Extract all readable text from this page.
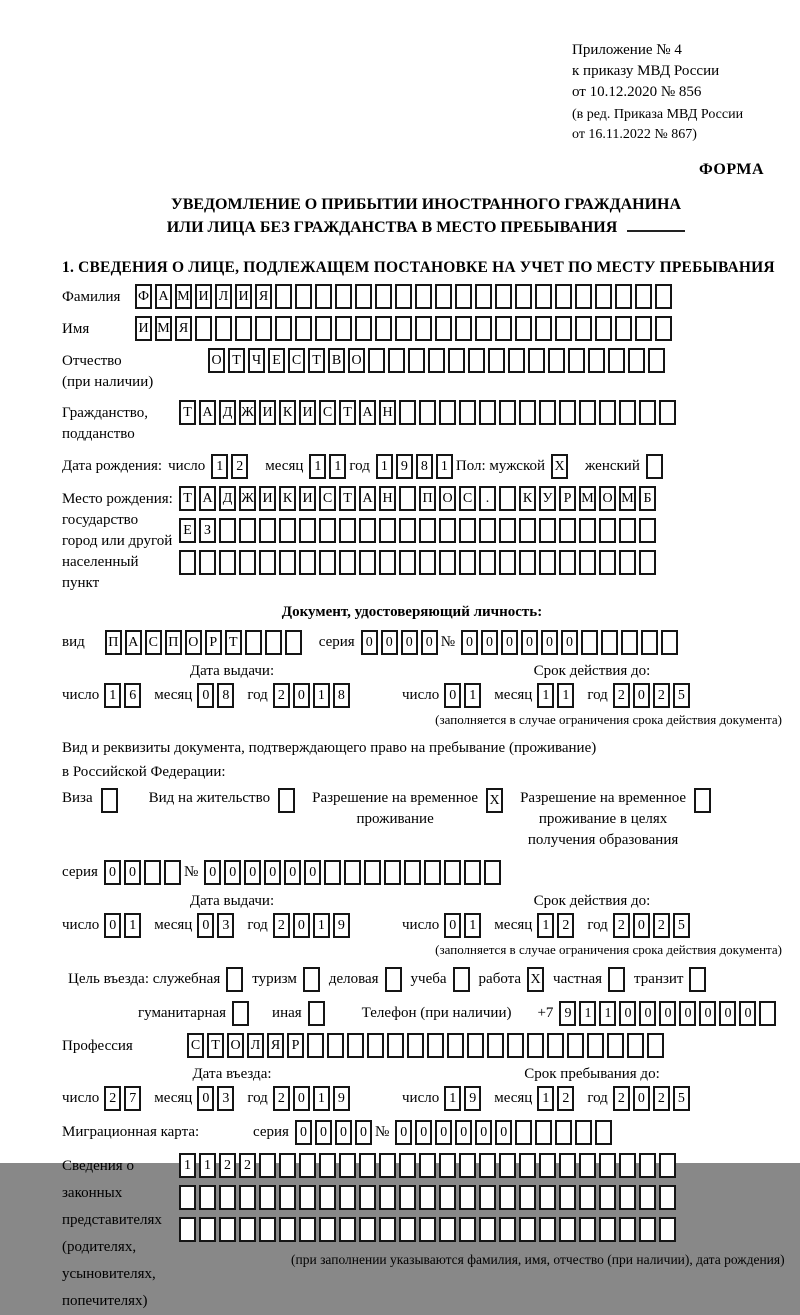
Приложение № 4
к приказу МВД России
от 10.12.2020 № 856
(в ред. Приказа МВД России
от 16.11.2022 № 867)
ФОРМА
УВЕДОМЛЕНИЕ О ПРИБЫТИИ ИНОСТРАННОГО ГРАЖДАНИНА
ИЛИ ЛИЦА БЕЗ ГРАЖДАНСТВА В МЕСТО ПРЕБЫВАНИЯ
1. СВЕДЕНИЯ О ЛИЦЕ, ПОДЛЕЖАЩЕМ ПОСТАНОВКЕ НА УЧЕТ ПО МЕСТУ ПРЕБЫВАНИЯ
Фамилия	Ф А М И Л И Я
Имя	И М Я
Отчество
(при наличии)
О Т Ч Е С Т В О
Гражданство,
подданство
Т А Д Ж И К И С Т А Н
Дата рождения: число 1 2	месяц 1 1 год 1 9 8 1 Пол: мужской X женский
Место рождения:
государство
город или другой
населенный пункт
Т А Д Ж И К И С Т А Н П О С .	К У Р М О М Б
Е З
Документ, удостоверяющий личность:
вид П А С П О Р Т	серия 0 0 0 0 № 0 0 0 0 0 0
Дата выдачи:
число 1 6	месяц 0 8	год 2 0 1 8
Срок действия до:
число 0 1	месяц 1 1	год 2 0 2 5
(заполняется в случае ограничения срока действия документа)
Вид и реквизиты документа, подтверждающего право на пребывание (проживание)
в Российской Федерации:
Виза	Вид на жительство	Разрешение на временное
проживание
X Разрешение на временное
проживание в целях
получения образования
серия 0 0	№ 0 0 0 0 0 0
Дата выдачи:
число 0 1	месяц 0 3	год 2 0 1 9
Срок действия до:
число 0 1	месяц 1 2	год 2 0 2 5
(заполняется в случае ограничения срока действия документа)
Цель въезда: служебная туризм деловая учеба работа X частная транзит
гуманитарная	иная	Телефон (при наличии) +7 9 1 1 0 0 0 0 0 0 0
Профессия	С Т О Л Я Р
Дата въезда:
число 2 7	месяц 0 3	год 2 0 1 9
Срок пребывания до:
число 1 9	месяц 1 2	год 2 0 2 5
Миграционная карта:	серия 0 0 0 0 № 0 0 0 0 0 0
Сведения о
законных
представителях
(родителях,
усыновителях,
попечителях)
1 1 2 2
(при заполнении указываются фамилия, имя, отчество (при наличии), дата рождения)
